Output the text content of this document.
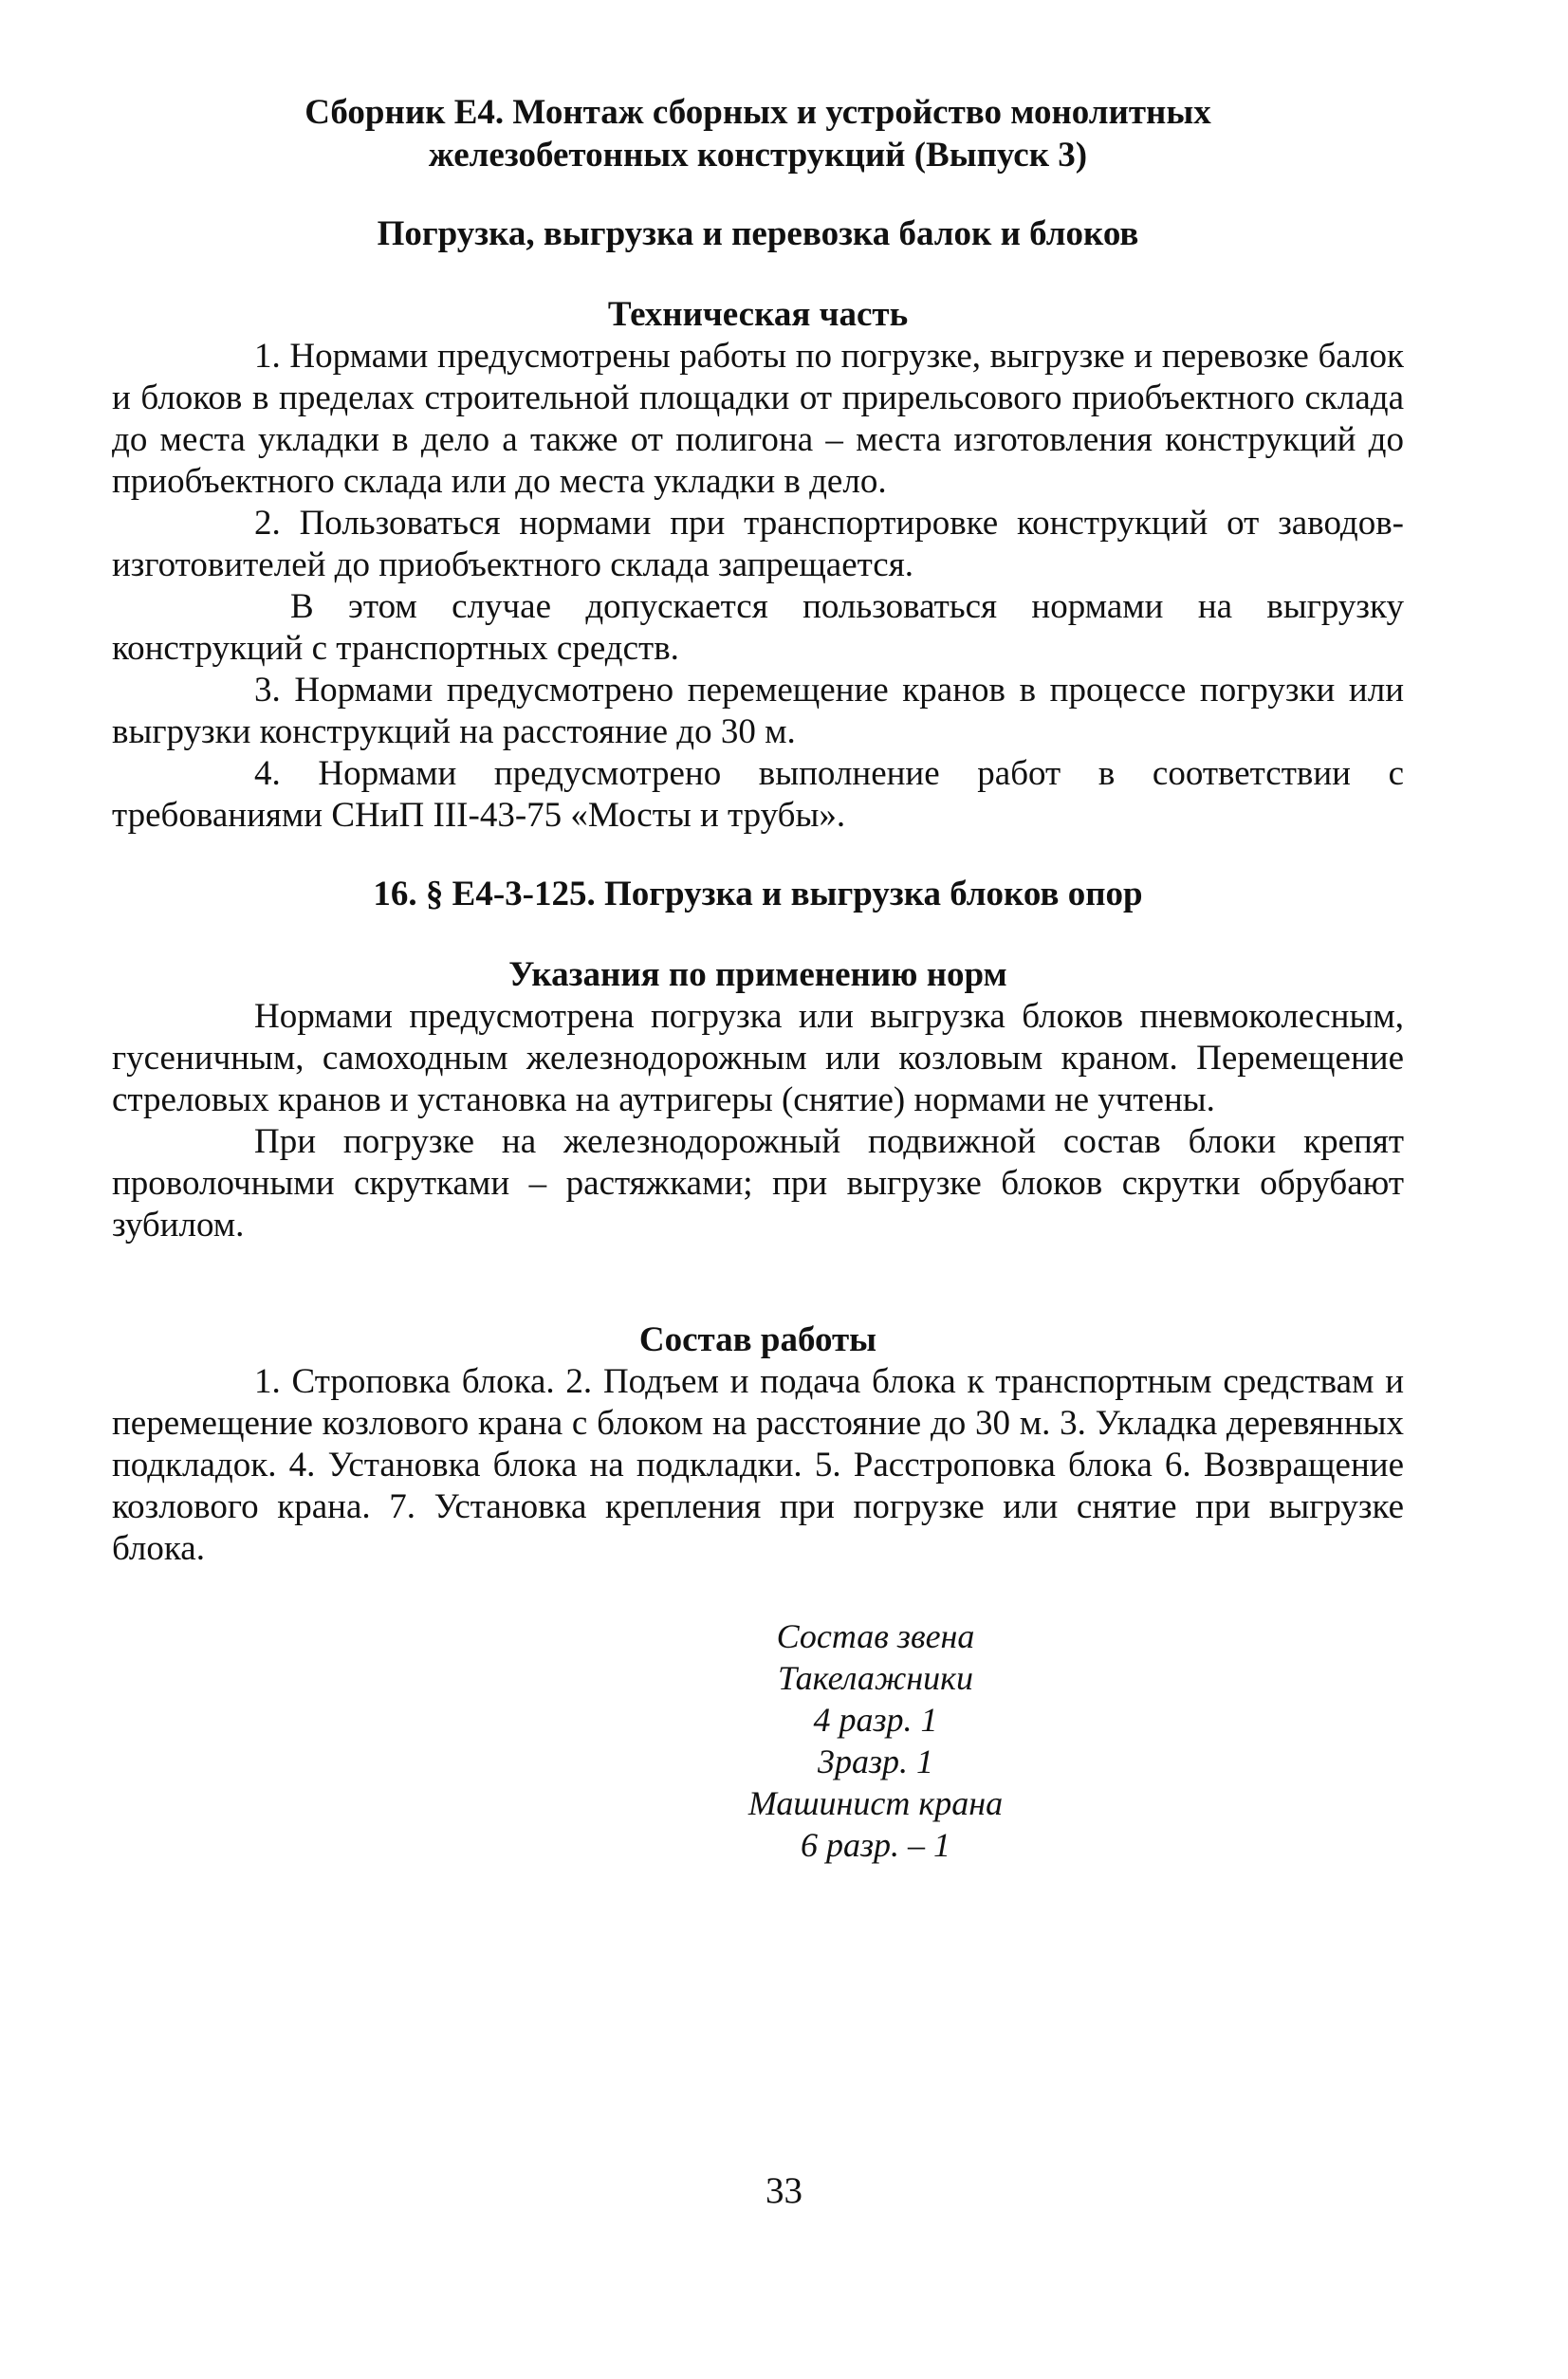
Сборник Е4. Монтаж сборных и устройство монолитных
железобетонных конструкций (Выпуск 3)
Погрузка, выгрузка и перевозка балок и блоков
Техническая часть

1. Нормами предусмотрены работы по погрузке, выгрузке и перевозке балок и блоков в пределах строительной площадки от прирельсового приобъектного склада до места укладки в дело а также от полигона – места изготовления конструкций до приобъектного склада или до места укладки в дело.

2. Пользоваться нормами при транспортировке конструкций от заводов-изготовителей до приобъектного склада запрещается.

В этом случае допускается пользоваться нормами на выгрузку конструкций с транспортных средств.

3. Нормами предусмотрено перемещение кранов в процессе погрузки или выгрузки конструкций на расстояние до 30 м.

4. Нормами предусмотрено выполнение работ в соответствии с требованиями СНиП III-43-75 «Мосты и трубы».

16. § Е4-3-125. Погрузка и выгрузка блоков опор
Указания по применению норм

Нормами предусмотрена погрузка или выгрузка блоков пневмоколесным, гусеничным, самоходным железнодорожным или козловым краном. Перемещение стреловых кранов и установка на аутригеры (снятие) нормами не учтены.

При погрузке на железнодорожный подвижной состав блоки крепят проволочными скрутками – растяжками; при выгрузке блоков скрутки обрубают зубилом.

Состав работы

1. Строповка блока. 2. Подъем и подача блока к транспортным средствам и перемещение козлового крана с блоком на расстояние до 30 м. 3. Укладка деревянных подкладок. 4. Установка блока на подкладки. 5. Расстроповка блока 6. Возвращение козлового крана. 7. Установка крепления при погрузке или снятие при выгрузке блока.

Состав звена
Такелажники
4 разр. 1
3разр. 1
Машинист крана
6 разр. – 1
33
